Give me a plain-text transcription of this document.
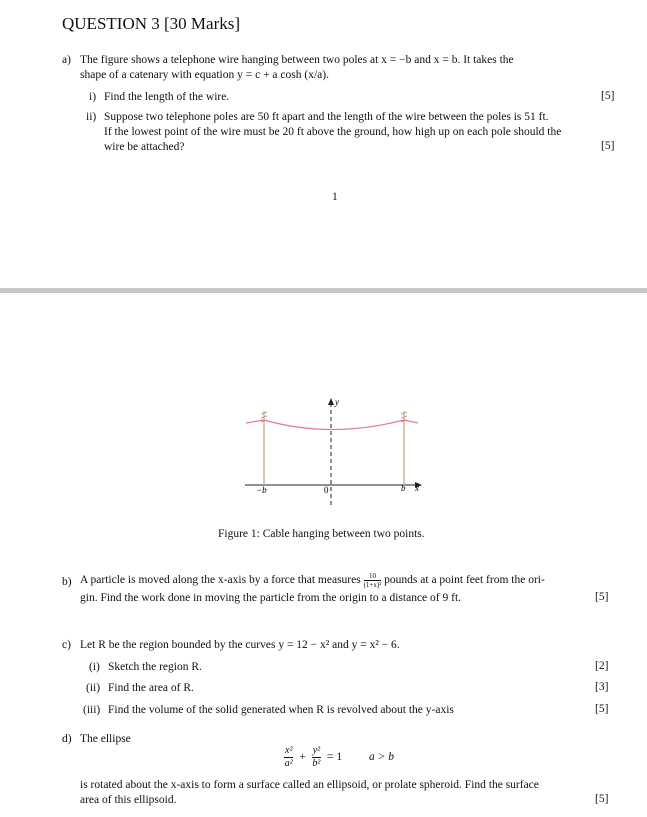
QUESTION 3 [30 Marks]
a) The figure shows a telephone wire hanging between two poles at x = −b and x = b. It takes the
shape of a catenary with equation y = c + a cosh (x/a).
i) Find the length of the wire.	[5]
ii) Suppose two telephone poles are 50 ft apart and the length of the wire between the poles is 51 ft.
If the lowest point of the wire must be 20 ft above the ground, how high up on each pole should the
wire be attached?	[5]
1
y
x
−b	0	b
Figure 1: Cable hanging between two points.
b) A particle is moved along the x-axis by a force that measures $\frac{10}{\text{(1+x)²}}$ pounds at a point feet from the ori-
gin. Find the work done in moving the particle from the origin to a distance of 9 ft.	[5]
c) Let R be the region bounded by the curves y = 12 − x² and y = x² − 6.
(i) Sketch the region R.	[2]
(ii) Find the area of R.	[3]
(iii) Find the volume of the solid generated when R is revolved about the y-axis	[5]
d) The ellipse
$\frac{\text{x²}}{\text{a²}} + \frac{\text{y²}}{\text{b²}} = 1$ a > b
is rotated about the x-axis to form a surface called an ellipsoid, or prolate spheroid. Find the surface
area of this ellipsoid.	[5]
